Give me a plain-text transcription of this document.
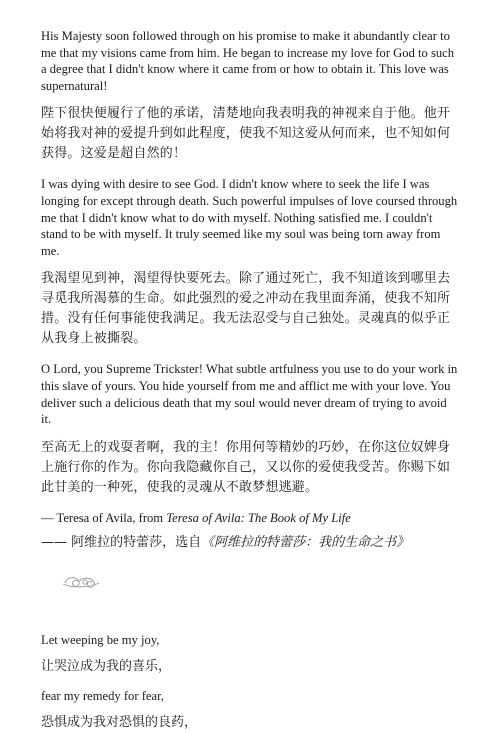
His Majesty soon followed through on his promise to make it abundantly clear to me that my visions came from him. He began to increase my love for God to such a degree that I didn't know where it came from or how to obtain it. This love was supernatural!

陛下很快便履行了他的承诺，清楚地向我表明我的神视来自于他。他开始将我对神的爱提升到如此程度，使我不知这爱从何而来，也不知如何获得。这爱是超自然的！

I was dying with desire to see God. I didn't know where to seek the life I was longing for except through death. Such powerful impulses of love coursed through me that I didn't know what to do with myself. Nothing satisfied me. I couldn't stand to be with myself. It truly seemed like my soul was being torn away from me.

我渴望见到神，渴望得快要死去。除了通过死亡，我不知道该到哪里去寻觅我所渴慕的生命。如此强烈的爱之冲动在我里面奔涌，使我不知所措。没有任何事能使我满足。我无法忍受与自己独处。灵魂真的似乎正从我身上被撕裂。

O Lord, you Supreme Trickster! What subtle artfulness you use to do your work in this slave of yours. You hide yourself from me and afflict me with your love. You deliver such a delicious death that my soul would never dream of trying to avoid it.

至高无上的戏耍者啊，我的主！你用何等精妙的巧妙，在你这位奴婢身上施行你的作为。你向我隐藏你自己，又以你的爱使我受苦。你赐下如此甘美的一种死，使我的灵魂从不敢梦想逃避。

— Teresa of Avila, from Teresa of Avila: The Book of My Life

—— 阿维拉的特蕾莎，选自《阿维拉的特蕾莎：我的生命之书》

Let weeping be my joy,

让哭泣成为我的喜乐，

fear my remedy for fear,

恐惧成为我对恐惧的良药，
